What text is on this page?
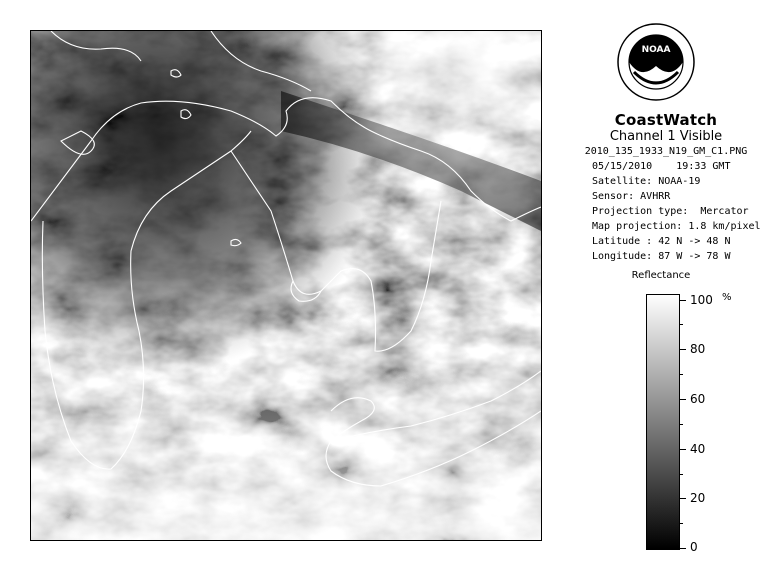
NOAA
CoastWatch
Channel 1 Visible
2010_135_1933_N19_GM_C1.PNG
05/15/2010    19:33 GMT
Satellite: NOAA-19
Sensor: AVHRR
Projection type:  Mercator
Map projection: 1.8 km/pixel
Latitude : 42 N -> 48 N
Longitude: 87 W -> 78 W
Reflectance
%
100
80
60
40
20
0
